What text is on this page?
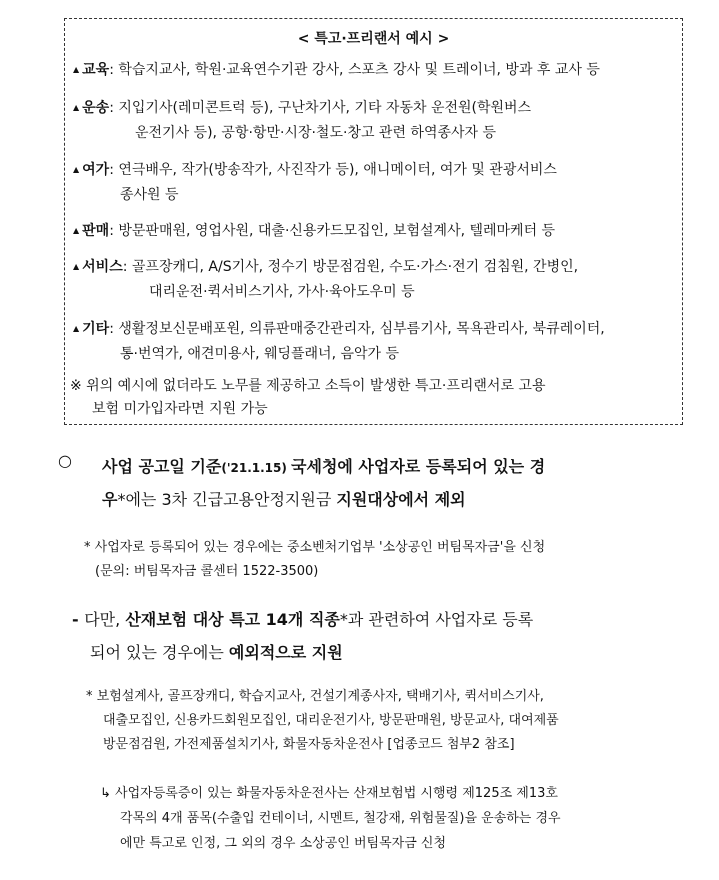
< 특고·프리랜서 예시 >
▲ 교육: 학습지교사, 학원·교육연수기관 강사, 스포츠 강사 및 트레이너, 방과 후 교사 등
▲ 운송: 지입기사(레미콘트럭 등), 구난차기사, 기타 자동차 운전원(학원버스
운전기사 등), 공항·항만·시장·철도·창고 관련 하역종사자 등
▲ 여가: 연극배우, 작가(방송작가, 사진작가 등), 애니메이터, 여가 및 관광서비스
종사원 등
▲ 판매: 방문판매원, 영업사원, 대출·신용카드모집인, 보험설계사, 텔레마케터 등
▲ 서비스: 골프장캐디, A/S기사, 정수기 방문점검원, 수도·가스·전기 검침원, 간병인,
대리운전·퀵서비스기사, 가사·육아도우미 등
▲ 기타: 생활정보신문배포원, 의류판매중간관리자, 심부름기사, 목욕관리사, 북큐레이터,
통·번역가, 애견미용사, 웨딩플래너, 음악가 등
※ 위의 예시에 없더라도 노무를 제공하고 소득이 발생한 특고·프리랜서로 고용
보험 미가입자라면 지원 가능
○ 사업 공고일 기준('21.1.15) 국세청에 사업자로 등록되어 있는 경
우*에는 3차 긴급고용안정지원금 지원대상에서 제외
* 사업자로 등록되어 있는 경우에는 중소벤처기업부 '소상공인 버팀목자금'을 신청
(문의: 버팀목자금 콜센터 1522-3500)
- 다만, 산재보험 대상 특고 14개 직종*과 관련하여 사업자로 등록
되어 있는 경우에는 예외적으로 지원
* 보험설계사, 골프장캐디, 학습지교사, 건설기계종사자, 택배기사, 퀵서비스기사,
대출모집인, 신용카드회원모집인, 대리운전기사, 방문판매원, 방문교사, 대여제품
방문점검원, 가전제품설치기사, 화물자동차운전사 [업종코드 첨부2 참조]
↳ 사업자등록증이 있는 화물자동차운전사는 산재보험법 시행령 제125조 제13호
각목의 4개 품목(수출입 컨테이너, 시멘트, 철강재, 위험물질)을 운송하는 경우
에만 특고로 인정, 그 외의 경우 소상공인 버팀목자금 신청
